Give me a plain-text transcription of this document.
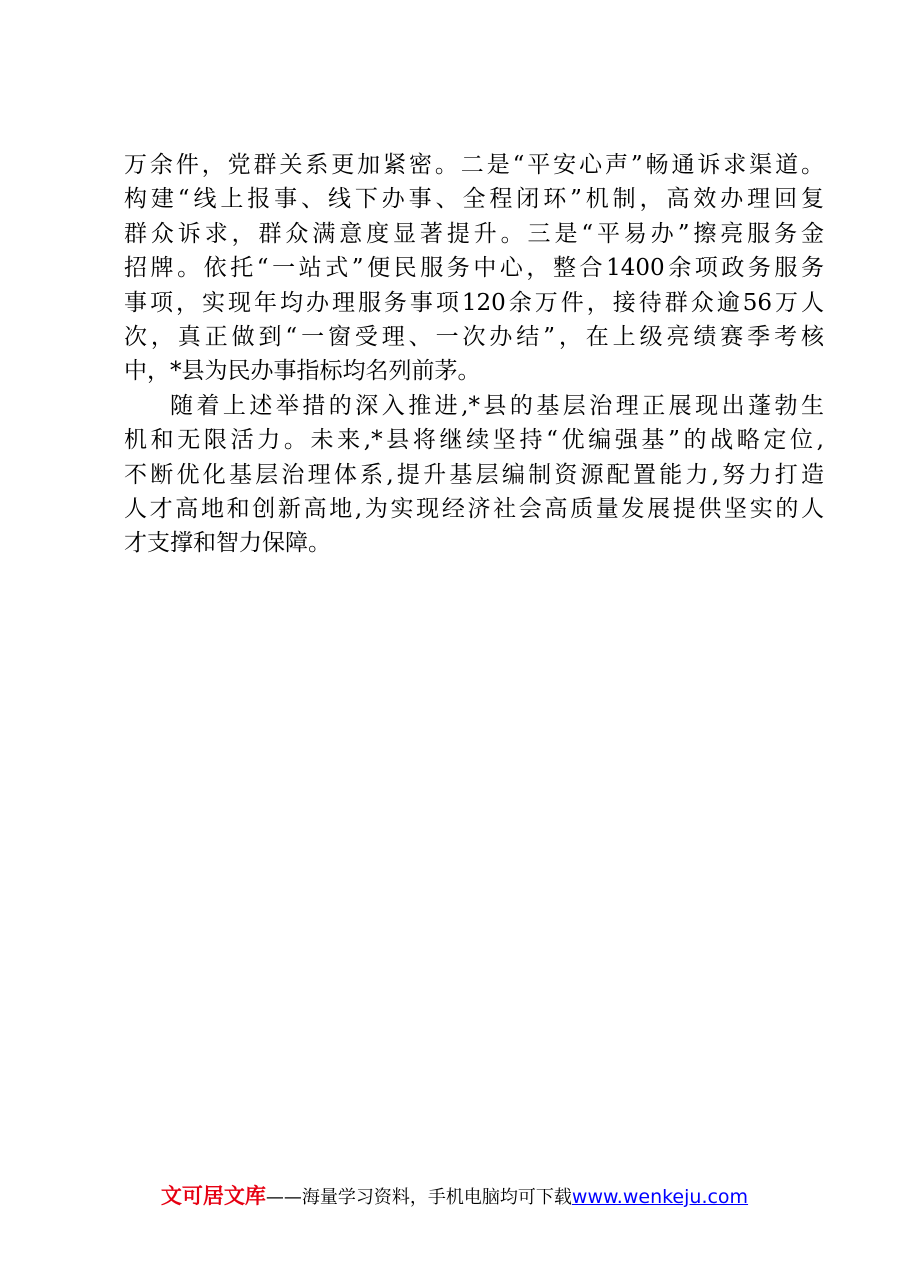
万余件，党群关系更加紧密。二是“平安心声”畅通诉求渠道。
构建“线上报事、线下办事、全程闭环”机制，高效办理回复
群众诉求，群众满意度显著提升。三是“平易办”擦亮服务金
招牌。依托“一站式”便民服务中心，整合1400余项政务服务
事项，实现年均办理服务事项120余万件，接待群众逾56万人
次，真正做到“一窗受理、一次办结”，在上级亮绩赛季考核
中，*县为民办事指标均名列前茅。
随着上述举措的深入推进,*县的基层治理正展现出蓬勃生
机和无限活力。未来,*县将继续坚持“优编强基”的战略定位,
不断优化基层治理体系,提升基层编制资源配置能力,努力打造
人才高地和创新高地,为实现经济社会高质量发展提供坚实的人
才支撑和智力保障。
文可居文库——海量学习资料，手机电脑均可下载www.wenkeju.com
